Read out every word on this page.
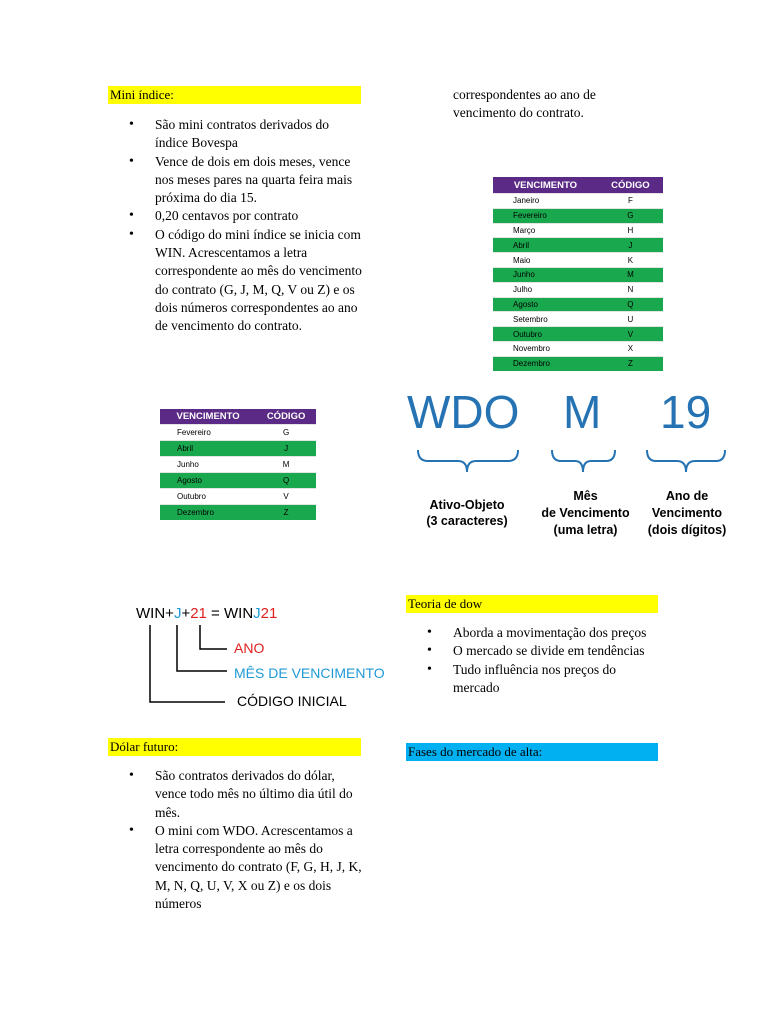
Mini índice:
• São mini contratos derivados do índice Bovespa
• Vence de dois em dois meses, vence nos meses pares na quarta feira mais próxima do dia 15.
• 0,20 centavos por contrato
• O código do mini índice se inicia com WIN. Acrescentamos a letra correspondente ao mês do vencimento do contrato (G, J, M, Q, V ou Z) e os dois números correspondentes ao ano de vencimento do contrato.
VENCIMENTO	CÓDIGO
Fevereiro	G
Abril	J
Junho	M
Agosto	Q
Outubro	V
Dezembro	Z
WIN+J+21 = WINJ21
ANO
MÊS DE VENCIMENTO
CÓDIGO INICIAL
Dólar futuro:
• São contratos derivados do dólar, vence todo mês no último dia útil do mês.
• O mini com WDO. Acrescentamos a letra correspondente ao mês do vencimento do contrato (F, G, H, J, K, M, N, Q, U, V, X ou Z) e os dois números
correspondentes ao ano de vencimento do contrato.
VENCIMENTO	CÓDIGO
Janeiro	F
Fevereiro	G
Março	H
Abril	J
Maio	K
Junho	M
Julho	N
Agosto	Q
Setembro	U
Outubro	V
Novembro	X
Dezembro	Z
WDO M 19
Ativo-Objeto
(3 caracteres)
Mês
de Vencimento
(uma letra)
Ano de
Vencimento
(dois dígitos)
Teoria de dow
• Aborda a movimentação dos preços
• O mercado se divide em tendências
• Tudo influência nos preços do mercado
Fases do mercado de alta:
